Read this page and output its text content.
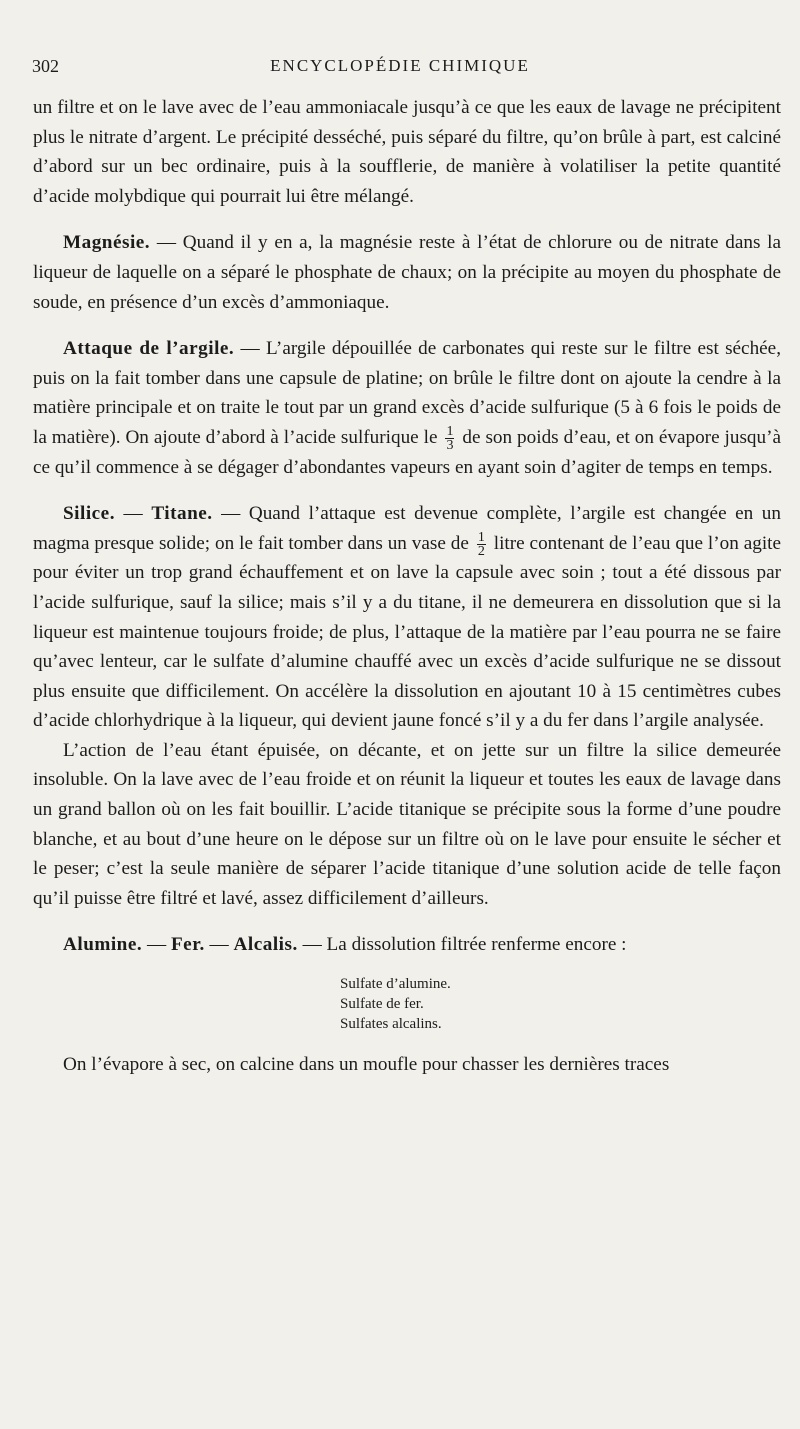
302	ENCYCLOPÉDIE CHIMIQUE

un filtre et on le lave avec de l’eau ammoniacale jusqu’à ce que les eaux de lavage ne précipitent plus le nitrate d’argent. Le précipité desséché, puis séparé du filtre, qu’on brûle à part, est calciné d’abord sur un bec ordinaire, puis à la soufflerie, de manière à volatiliser la petite quantité d’acide molybdique qui pourrait lui être mélangé.

Magnésie. — Quand il y en a, la magnésie reste à l’état de chlorure ou de nitrate dans la liqueur de laquelle on a séparé le phosphate de chaux; on la précipite au moyen du phosphate de soude, en présence d’un excès d’ammoniaque.

Attaque de l’argile. — L’argile dépouillée de carbonates qui reste sur le filtre est séchée, puis on la fait tomber dans une capsule de platine; on brûle le filtre dont on ajoute la cendre à la matière principale et on traite le tout par un grand excès d’acide sulfurique (5 à 6 fois le poids de la matière). On ajoute d’abord à l’acide sulfurique le $\frac{1}{3}$ de son poids d’eau, et on évapore jusqu’à ce qu’il commence à se dégager d’abondantes vapeurs en ayant soin d’agiter de temps en temps.

Silice. — Titane. — Quand l’attaque est devenue complète, l’argile est changée en un magma presque solide; on le fait tomber dans un vase de $\frac{1}{2}$ litre contenant de l’eau que l’on agite pour éviter un trop grand échauffement et on lave la capsule avec soin ; tout a été dissous par l’acide sulfurique, sauf la silice; mais s’il y a du titane, il ne demeurera en dissolution que si la liqueur est maintenue toujours froide; de plus, l’attaque de la matière par l’eau pourra ne se faire qu’avec lenteur, car le sulfate d’alumine chauffé avec un excès d’acide sulfurique ne se dissout plus ensuite que difficilement. On accélère la dissolution en ajoutant 10 à 15 centimètres cubes d’acide chlorhydrique à la liqueur, qui devient jaune foncé s’il y a du fer dans l’argile analysée.

L’action de l’eau étant épuisée, on décante, et on jette sur un filtre la silice demeurée insoluble. On la lave avec de l’eau froide et on réunit la liqueur et toutes les eaux de lavage dans un grand ballon où on les fait bouillir. L’acide titanique se précipite sous la forme d’une poudre blanche, et au bout d’une heure on le dépose sur un filtre où on le lave pour ensuite le sécher et le peser; c’est la seule manière de séparer l’acide titanique d’une solution acide de telle façon qu’il puisse être filtré et lavé, assez difficilement d’ailleurs.

Alumine. — Fer. — Alcalis. — La dissolution filtrée renferme encore :

Sulfate d’alumine.
Sulfate de fer.
Sulfates alcalins.

On l’évapore à sec, on calcine dans un moufle pour chasser les dernières traces
